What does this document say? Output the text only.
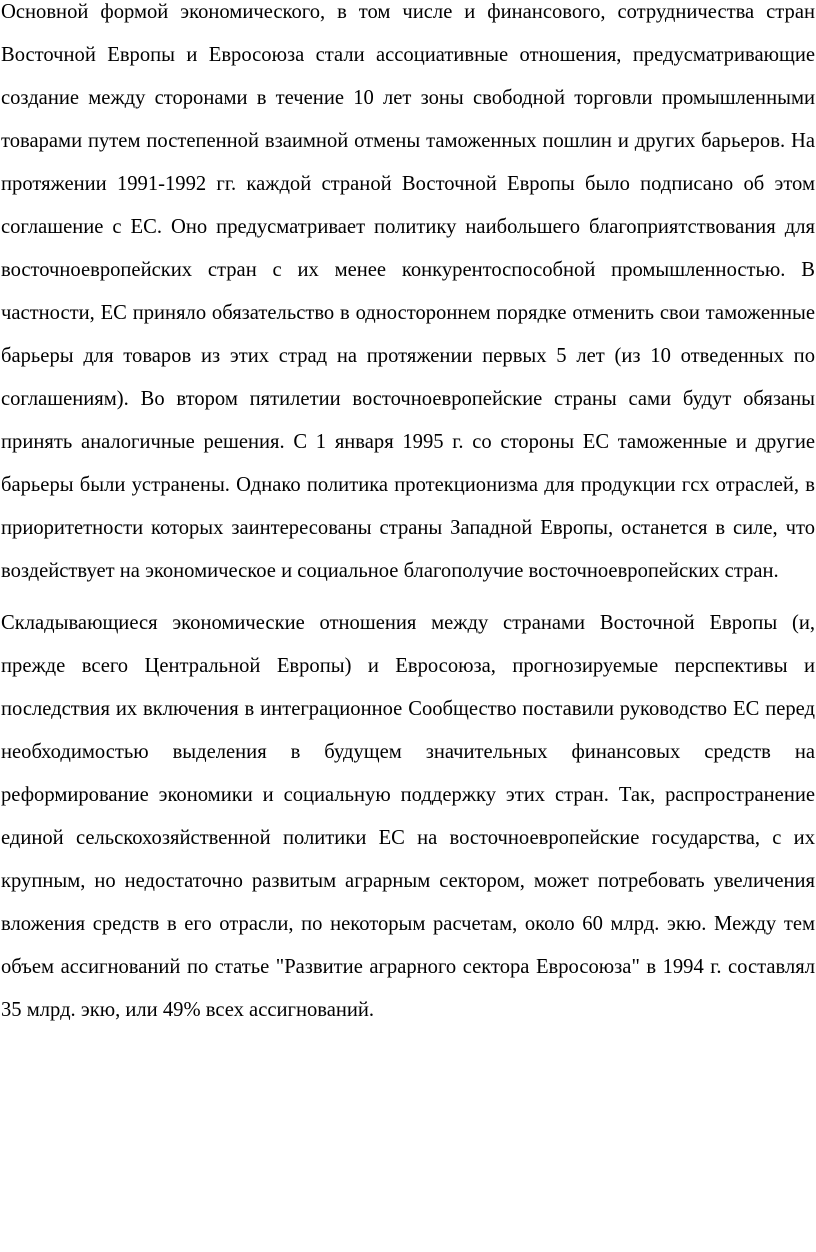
Основной формой экономического, в том числе и финансового, сотрудничества стран Восточной Европы и Евросоюза стали ассоциативные отношения, предусматривающие создание между сторонами в течение 10 лет зоны свободной торговли промышленными товарами путем постепенной взаимной отмены таможенных пошлин и других барьеров. На протяжении 1991-1992 гг. каждой страной Восточной Европы было подписано об этом соглашение с ЕС. Оно предусматривает политику наибольшего благоприятствования для восточноевропейских стран с их менее конкурентоспособной промышленностью. В частности, ЕС приняло обязательство в одностороннем порядке отменить свои таможенные барьеры для товаров из этих страд на протяжении первых 5 лет (из 10 отведенных по соглашениям). Во втором пятилетии восточноевропейские страны сами будут обязаны принять аналогичные решения. С 1 января 1995 г. со стороны ЕС таможенные и другие барьеры были устранены. Однако политика протекционизма для продукции гсх отраслей, в приоритетности которых заинтересованы страны Западной Европы, останется в силе, что воздействует на экономическое и социальное благополучие восточноевропейских стран.

Складывающиеся экономические отношения между странами Восточной Европы (и, прежде всего Центральной Европы) и Евросоюза, прогнозируемые перспективы и последствия их включения в интеграционное Сообщество поставили руководство ЕС перед необходимостью выделения в будущем значительных финансовых средств на реформирование экономики и социальную поддержку этих стран. Так, распространение единой сельскохозяйственной политики ЕС на восточноевропейские государства, с их крупным, но недостаточно развитым аграрным сектором, может потребовать увеличения вложения средств в его отрасли, по некоторым расчетам, около 60 млрд. экю. Между тем объем ассигнований по статье "Развитие аграрного сектора Евросоюза" в 1994 г. составлял 35 млрд. экю, или 49% всех ассигнований.
